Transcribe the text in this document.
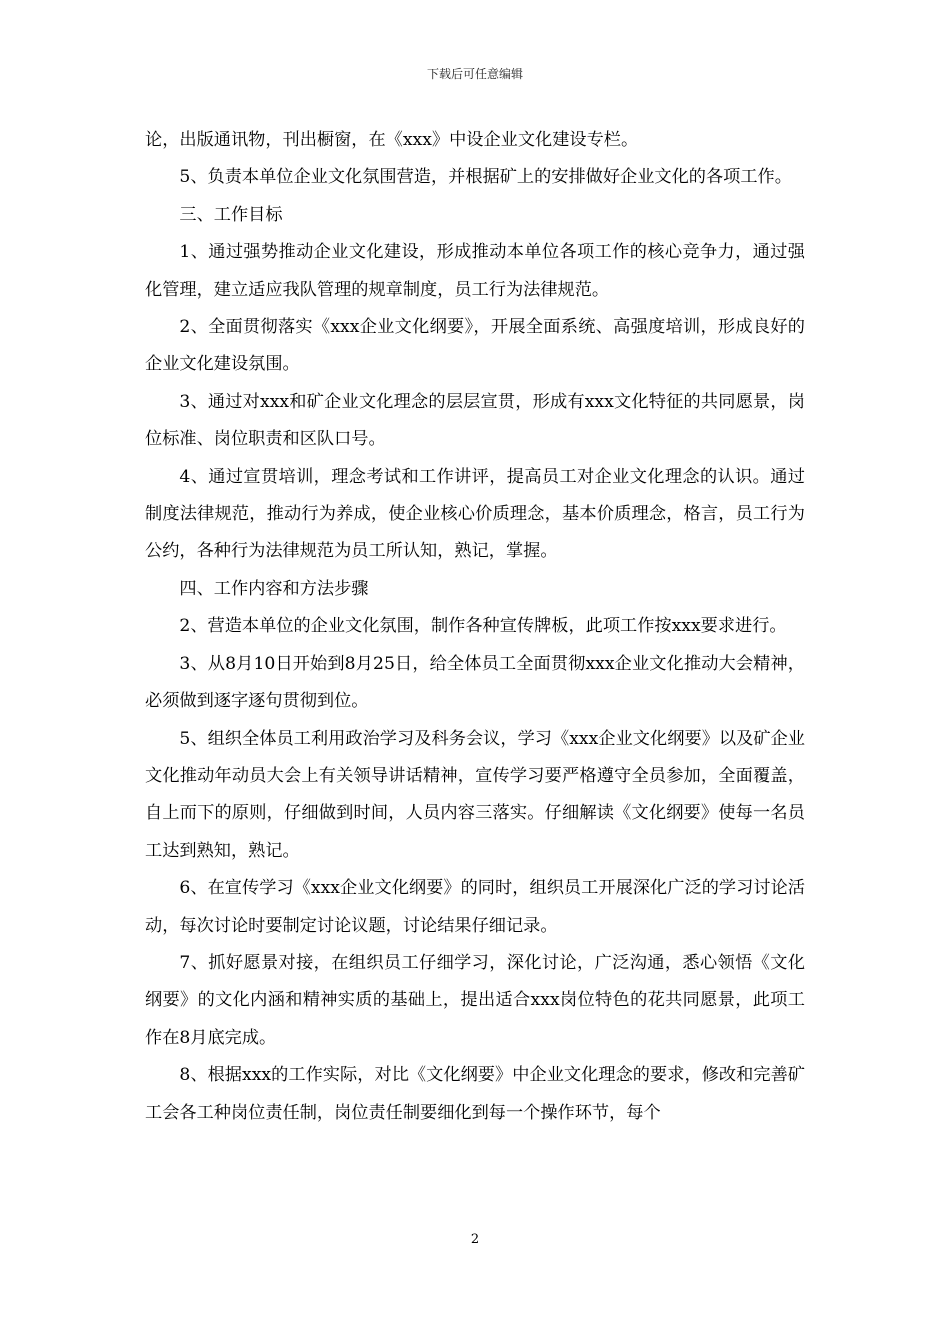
下载后可任意编辑

论，出版通讯物，刊出橱窗，在《xxx》中设企业文化建设专栏。

5、负责本单位企业文化氛围营造，并根据矿上的安排做好企业文化的各项工作。

三、工作目标

1、通过强势推动企业文化建设，形成推动本单位各项工作的核心竞争力，通过强化管理，建立适应我队管理的规章制度，员工行为法律规范。

2、全面贯彻落实《xxx企业文化纲要》，开展全面系统、高强度培训，形成良好的企业文化建设氛围。

3、通过对xxx和矿企业文化理念的层层宣贯，形成有xxx文化特征的共同愿景，岗位标准、岗位职责和区队口号。

4、通过宣贯培训，理念考试和工作讲评，提高员工对企业文化理念的认识。通过制度法律规范，推动行为养成，使企业核心价质理念，基本价质理念，格言，员工行为公约，各种行为法律规范为员工所认知，熟记，掌握。

四、工作内容和方法步骤

2、营造本单位的企业文化氛围，制作各种宣传牌板，此项工作按xxx要求进行。

3、从8月10日开始到8月25日，给全体员工全面贯彻xxx企业文化推动大会精神，必须做到逐字逐句贯彻到位。

5、组织全体员工利用政治学习及科务会议，学习《xxx企业文化纲要》以及矿企业文化推动年动员大会上有关领导讲话精神，宣传学习要严格遵守全员参加，全面覆盖，自上而下的原则，仔细做到时间，人员内容三落实。仔细解读《文化纲要》使每一名员工达到熟知，熟记。

6、在宣传学习《xxx企业文化纲要》的同时，组织员工开展深化广泛的学习讨论活动，每次讨论时要制定讨论议题，讨论结果仔细记录。

7、抓好愿景对接，在组织员工仔细学习，深化讨论，广泛沟通，悉心领悟《文化纲要》的文化内涵和精神实质的基础上，提出适合xxx岗位特色的花共同愿景，此项工作在8月底完成。

8、根据xxx的工作实际，对比《文化纲要》中企业文化理念的要求，修改和完善矿工会各工种岗位责任制，岗位责任制要细化到每一个操作环节，每个

2
